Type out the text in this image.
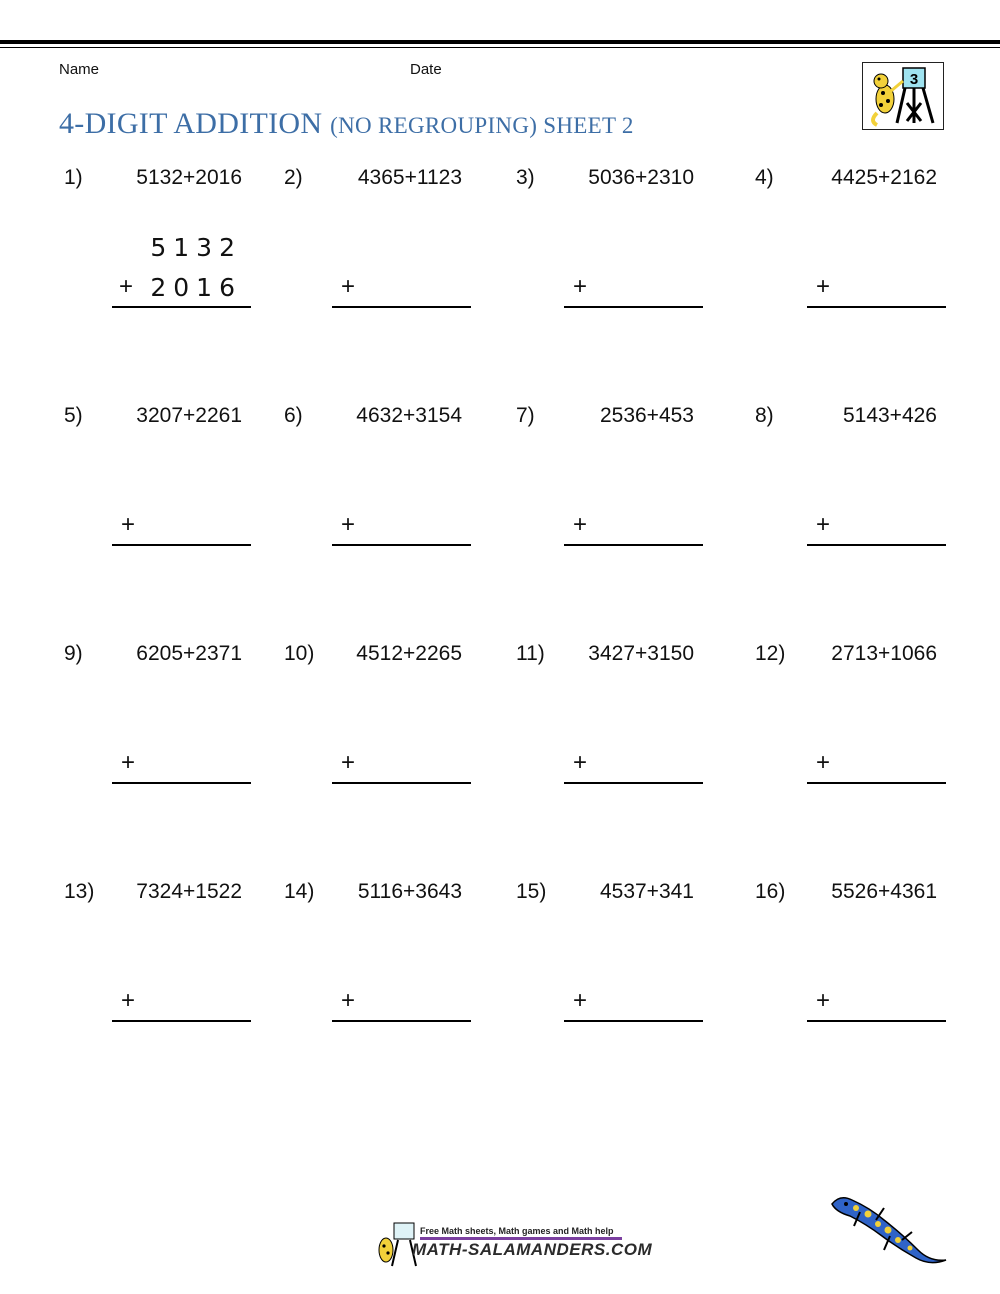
Name	Date
4-DIGIT ADDITION (NO REGROUPING) SHEET 2
3
1)	5132+2016 2)	4365+1123
+
3)	5036+2310
+
4)	4425+2162
+
5)	3207+2261
+
6)	4632+3154
+
7)	2536+453
+
8)	5143+426
+
9)	6205+2371
+
10)	4512+2265
+
11)	3427+3150
+
12)	2713+1066
+
13)	7324+1522
+
14)	5116+3643
+
15)	4537+341
+
16)	5526+4361
+
5132
+ 2016
Free Math sheets, Math games and Math help
MATH-SALAMANDERS.COM
